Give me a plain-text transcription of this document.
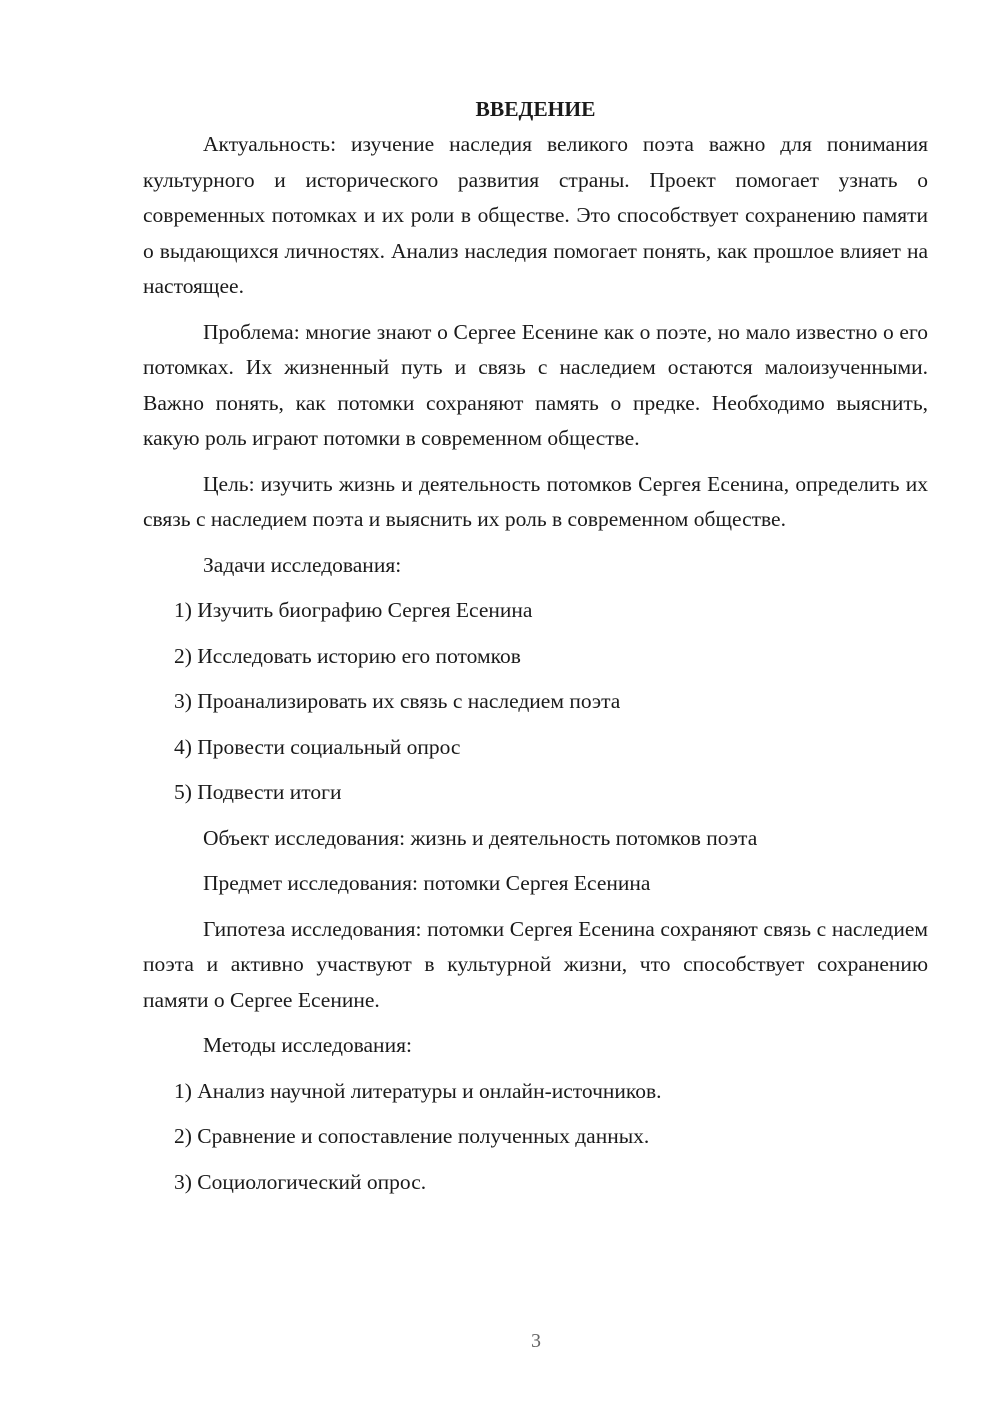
ВВЕДЕНИЕ

Актуальность: изучение наследия великого поэта важно для понимания культурного и исторического развития страны. Проект помогает узнать о современных потомках и их роли в обществе. Это способствует сохранению памяти о выдающихся личностях. Анализ наследия помогает понять, как прошлое влияет на настоящее.

Проблема: многие знают о Сергее Есенине как о поэте, но мало известно о его потомках. Их жизненный путь и связь с наследием остаются малоизученными. Важно понять, как потомки сохраняют память о предке. Необходимо выяснить, какую роль играют потомки в современном обществе.

Цель: изучить жизнь и деятельность потомков Сергея Есенина, определить их связь с наследием поэта и выяснить их роль в современном обществе.

Задачи исследования:
1) Изучить биографию Сергея Есенина
2) Исследовать историю его потомков
3) Проанализировать их связь с наследием поэта
4) Провести социальный опрос
5) Подвести итоги
Объект исследования: жизнь и деятельность потомков поэта
Предмет исследования: потомки Сергея Есенина

Гипотеза исследования: потомки Сергея Есенина сохраняют связь с наследием поэта и активно участвуют в культурной жизни, что способствует сохранению памяти о Сергее Есенине.

Методы исследования:
1) Анализ научной литературы и онлайн-источников.
2) Сравнение и сопоставление полученных данных.
3) Социологический опрос.
3
